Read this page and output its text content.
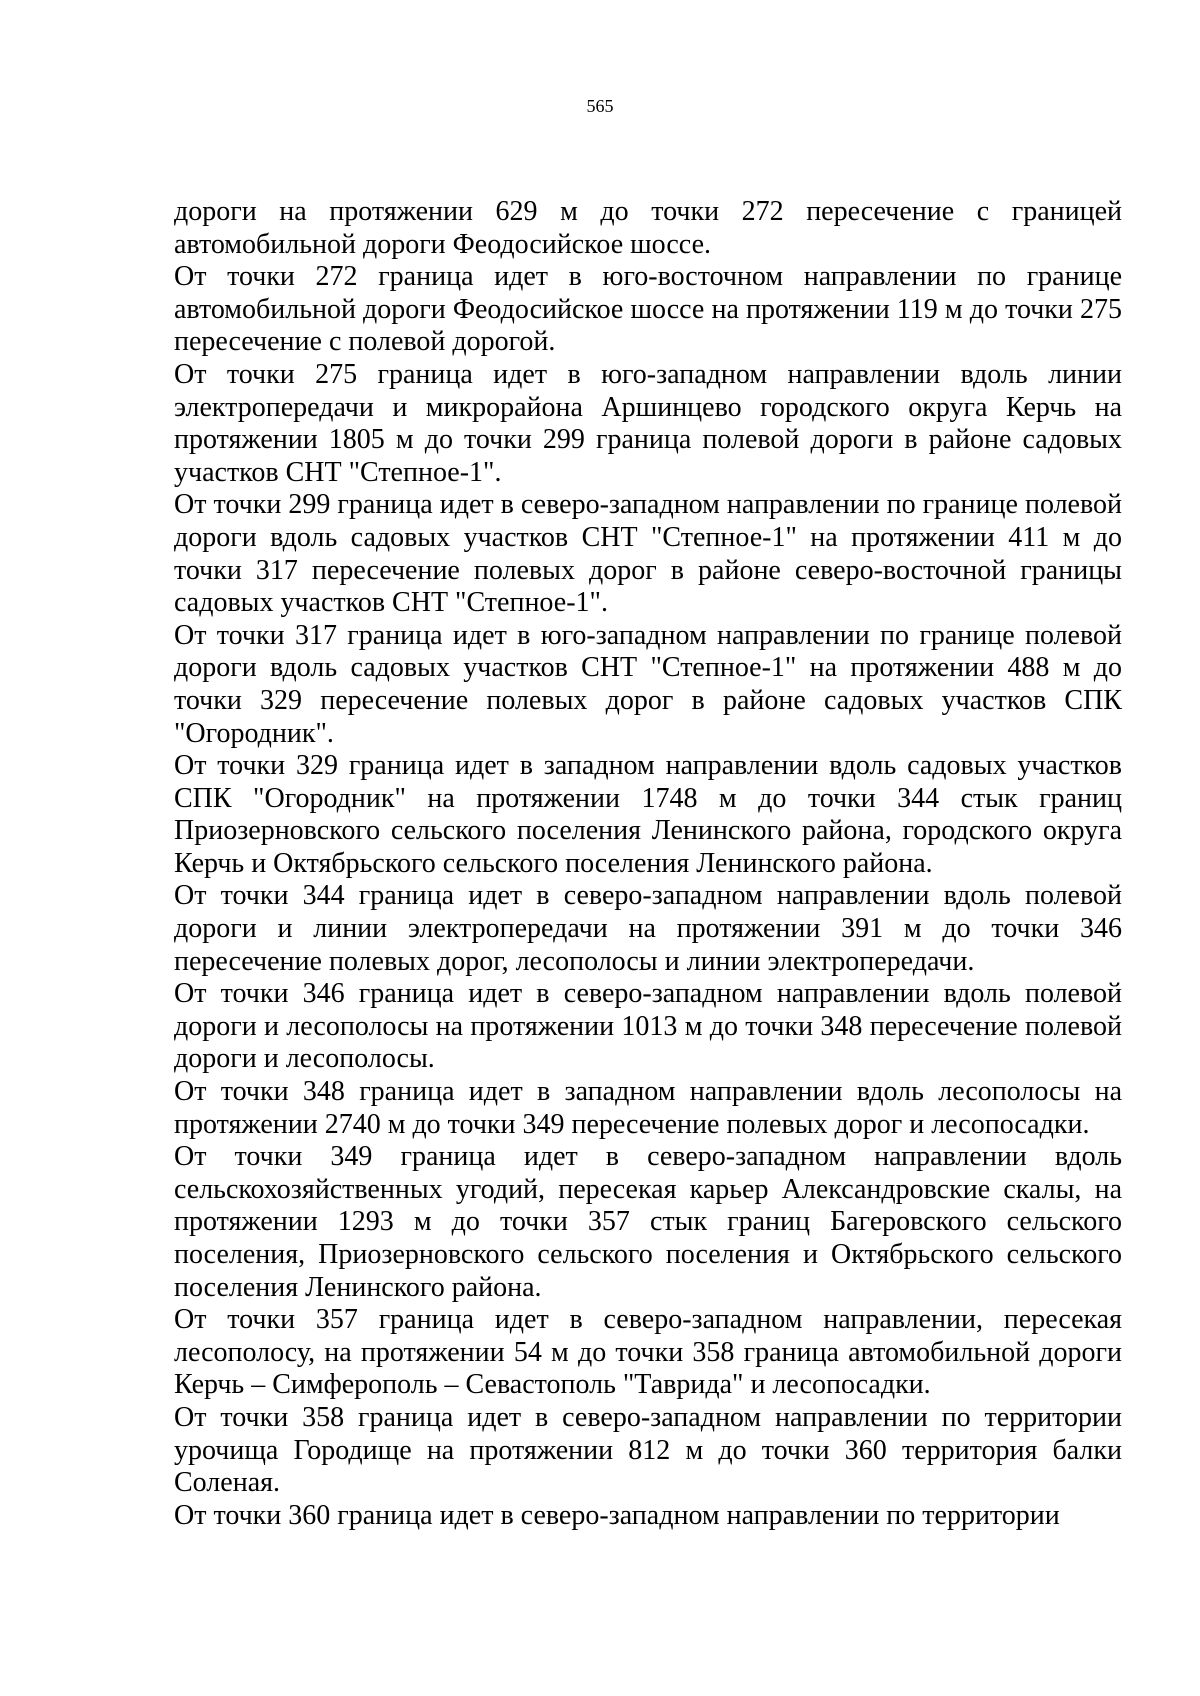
565

дороги на протяжении 629 м до точки 272 пересечение с границей автомобильной дороги Феодосийское шоссе.

От точки 272 граница идет в юго-восточном направлении по границе автомобильной дороги Феодосийское шоссе на протяжении 119 м до точки 275 пересечение с полевой дорогой.

От точки 275 граница идет в юго-западном направлении вдоль линии электропередачи и микрорайона Аршинцево городского округа Керчь на протяжении 1805 м до точки 299 граница полевой дороги в районе садовых участков СНТ "Степное-1".

От точки 299 граница идет в северо-западном направлении по границе полевой дороги вдоль садовых участков СНТ "Степное-1" на протяжении 411 м до точки 317 пересечение полевых дорог в районе северо-восточной границы садовых участков СНТ "Степное-1".

От точки 317 граница идет в юго-западном направлении по границе полевой дороги вдоль садовых участков СНТ "Степное-1" на протяжении 488 м до точки 329 пересечение полевых дорог в районе садовых участков СПК "Огородник".

От точки 329 граница идет в западном направлении вдоль садовых участков СПК "Огородник" на протяжении 1748 м до точки 344 стык границ Приозерновского сельского поселения Ленинского района, городского округа Керчь и Октябрьского сельского поселения Ленинского района.

От точки 344 граница идет в северо-западном направлении вдоль полевой дороги и линии электропередачи на протяжении 391 м до точки 346 пересечение полевых дорог, лесополосы и линии электропередачи.

От точки 346 граница идет в северо-западном направлении вдоль полевой дороги и лесополосы на протяжении 1013 м до точки 348 пересечение полевой дороги и лесополосы.

От точки 348 граница идет в западном направлении вдоль лесополосы на протяжении 2740 м до точки 349 пересечение полевых дорог и лесопосадки.

От точки 349 граница идет в северо-западном направлении вдоль сельскохозяйственных угодий, пересекая карьер Александровские скалы, на протяжении 1293 м до точки 357 стык границ Багеровского сельского поселения, Приозерновского сельского поселения и Октябрьского сельского поселения Ленинского района.

От точки 357 граница идет в северо-западном направлении, пересекая лесополосу, на протяжении 54 м до точки 358 граница автомобильной дороги Керчь – Симферополь – Севастополь "Таврида" и лесопосадки.

От точки 358 граница идет в северо-западном направлении по территории урочища Городище на протяжении 812 м до точки 360 территория балки Соленая.

От точки 360 граница идет в северо-западном направлении по территории
